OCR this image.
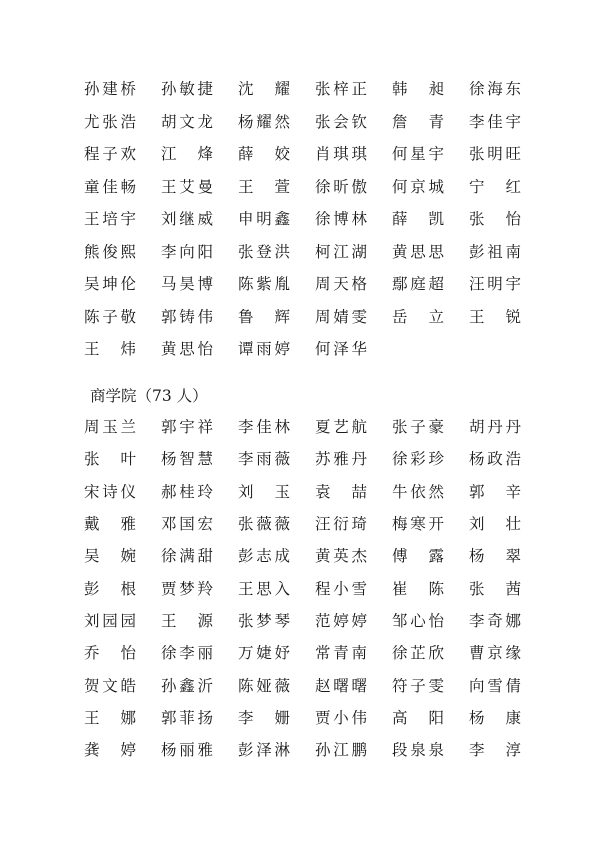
孙建桥	孙敏捷	沈　耀	张梓正	韩　昶	徐海东
尤张浩	胡文龙	杨耀然	张会钦	詹　青	李佳宇
程子欢	江　烽	薛　姣	肖琪琪	何星宇	张明旺
童佳畅	王艾曼	王　萱	徐昕傲	何京城	宁　红
王培宇	刘继威	申明鑫	徐博林	薛　凯	张　怡
熊俊熙	李向阳	张登洪	柯江湖	黄思思	彭祖南
吴坤伦	马昊博	陈紫胤	周天格	鄢庭超	汪明宇
陈子敬	郭铸伟	鲁　辉	周婧雯	岳　立	王　锐
王　炜	黄思怡	谭雨婷	何泽华
商学院（73 人）
周玉兰	郭宇祥	李佳林	夏艺航	张子豪	胡丹丹
张　叶	杨智慧	李雨薇	苏雅丹	徐彩珍	杨政浩
宋诗仪	郝桂玲	刘　玉	袁　喆	牛依然	郭　辛
戴　雅	邓国宏	张薇薇	汪衍琦	梅寒开	刘　壮
吴　婉	徐满甜	彭志成	黄英杰	傅　露	杨　翠
彭　根	贾梦羚	王思入	程小雪	崔　陈	张　茜
刘园园	王　源	张梦琴	范婷婷	邹心怡	李奇娜
乔　怡	徐李丽	万婕妤	常青南	徐芷欣	曹京缘
贺文皓	孙鑫沂	陈娅薇	赵曙曙	符子雯	向雪倩
王　娜	郭菲扬	李　姗	贾小伟	高　阳	杨　康
龚　婷	杨丽雅	彭泽淋	孙江鹏	段泉泉	李　淳
